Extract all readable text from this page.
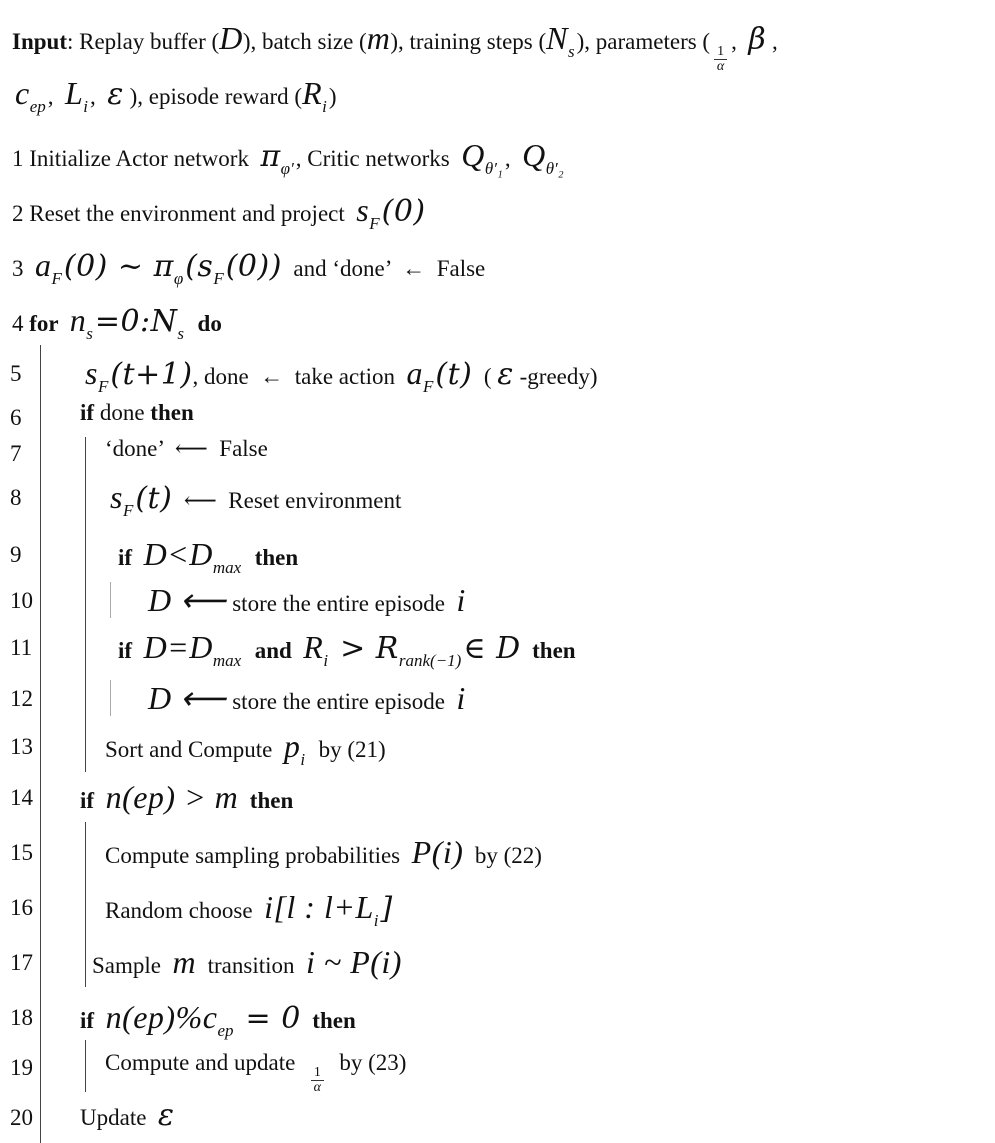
Input : Replay buffer ( D ), batch size ( m ), training steps ( N s ), parameters (
$\frac{1}{\alpha}$
, β ,
c ep , L i , ε ), episode reward ( R i )
1 Initialize Actor network π φ′ , Critic networks Q θ′₁ , Q θ′₂
2 Reset the environment and project s F (0)
3 a F (0) ~ π φ (s F (0)) and ‘done’  ←  False
4 for n s =0:N s do
5	s F (t+1) , done  ←  take action a F (t) ( ε -greedy)
6	if done then
7	‘done’  ⟵  False
8	s F (t) ⟵  Reset environment
9	if D<D max then
10	D ⟵ store the entire episode i
11	if D=D max and R i > R rank(−1) ∈ D then
12	D ⟵ store the entire episode i
13	Sort and Compute p i by (21)
14 if n(ep) > m then
15	Compute sampling probabilities P(i) by (22)
16	Random choose i[l : l+L i ]
17	Sample m transition i ~ P(i)
18 if n(ep)%c ep = 0 then
19	Compute and update
$\frac{1}{\alpha}$
by (23)
20 Update ε
